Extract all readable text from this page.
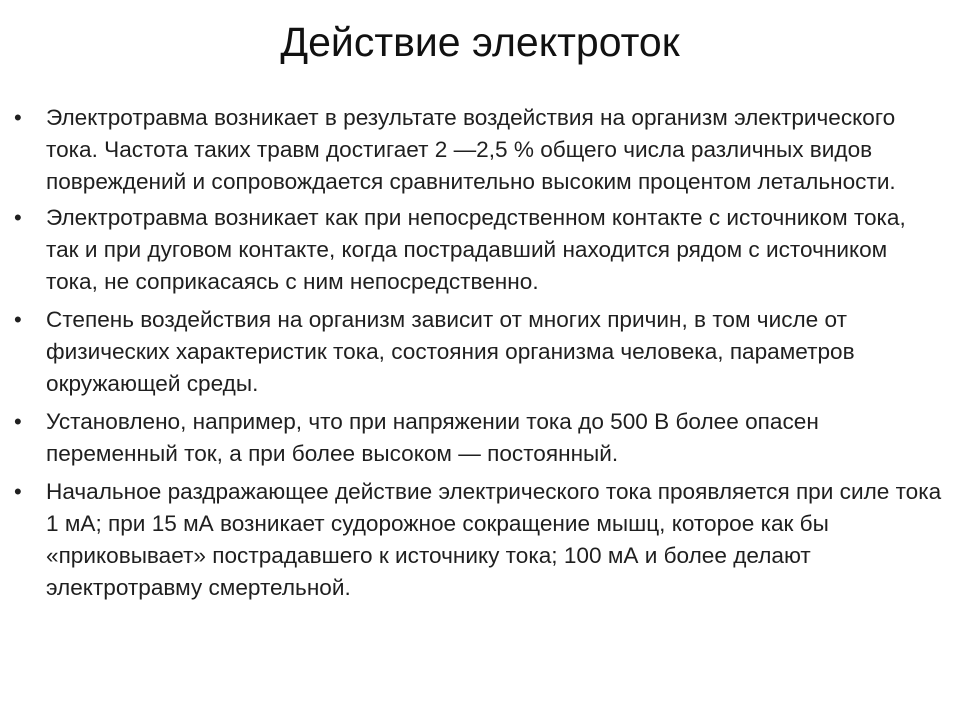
Действие электроток
•	Электротравма возникает в результате воздействия на организм электрического тока. Частота таких травм достигает 2 —2,5 % общего числа различных видов повреждений и сопровождается сравнительно высоким процентом летальности.
•	Электротравма возникает как при непосредственном контакте с источником тока, так и при дуговом контакте, когда пострадавший находится рядом с источником тока, не соприкасаясь с ним непосредственно.
•	Степень воздействия на организм зависит от многих причин, в том числе от физических характеристик тока, состояния организма человека, параметров окружающей среды.
•	Установлено, например, что при напряжении тока до 500 В более опасен переменный ток, а при более высоком — постоянный.
•	Начальное раздражающее действие электрического тока проявляется при силе тока 1 мА; при 15 мА возникает судорожное сокращение мышц, которое как бы «приковывает» пострадавшего к источнику тока; 100 мА и более делают электротравму смертельной.
